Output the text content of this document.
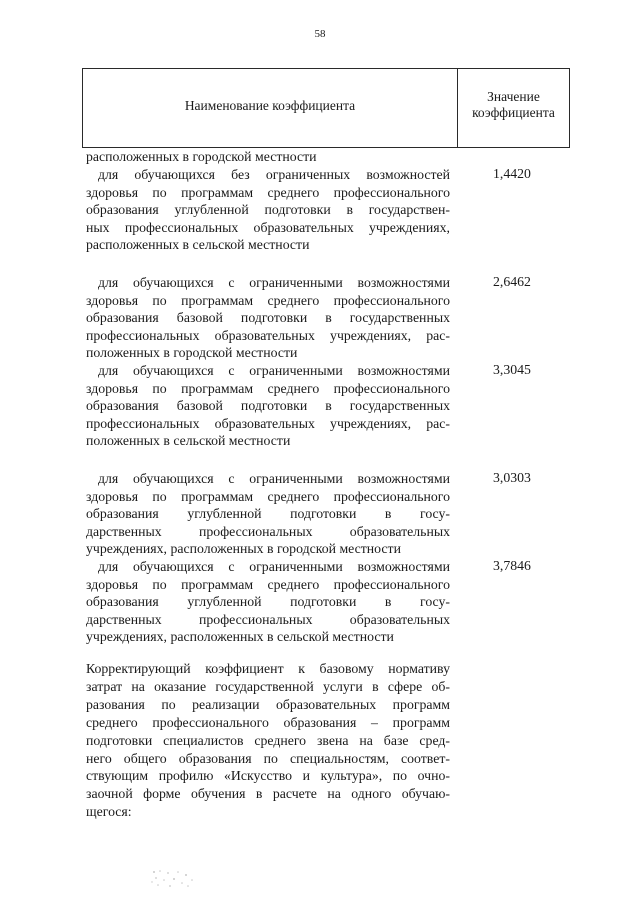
58
Наименование коэффициента
Значение
коэффициента
расположенных в городской местности
для обучающихся без ограниченных возможностей
здоровья по программам среднего профессионального
образования углубленной подготовки в государствен-
ных профессиональных образовательных учреждениях,
расположенных в сельской местности
1,4420
для обучающихся с ограниченными возможностями
здоровья по программам среднего профессионального
образования базовой подготовки в государственных
профессиональных образовательных учреждениях, рас-
положенных в городской местности
2,6462
для обучающихся с ограниченными возможностями
здоровья по программам среднего профессионального
образования базовой подготовки в государственных
профессиональных образовательных учреждениях, рас-
положенных в сельской местности
3,3045
для обучающихся с ограниченными возможностями
здоровья по программам среднего профессионального
образования углубленной подготовки в госу-
дарственных профессиональных образовательных
учреждениях, расположенных в городской местности
3,0303
для обучающихся с ограниченными возможностями
здоровья по программам среднего профессионального
образования углубленной подготовки в госу-
дарственных профессиональных образовательных
учреждениях, расположенных в сельской местности
3,7846
Корректирующий коэффициент к базовому нормативу
затрат на оказание государственной услуги в сфере об-
разования по реализации образовательных программ
среднего профессионального образования – программ
подготовки специалистов среднего звена на базе сред-
него общего образования по специальностям, соответ-
ствующим профилю «Искусство и культура», по очно-
заочной форме обучения в расчете на одного обучаю-
щегося:
